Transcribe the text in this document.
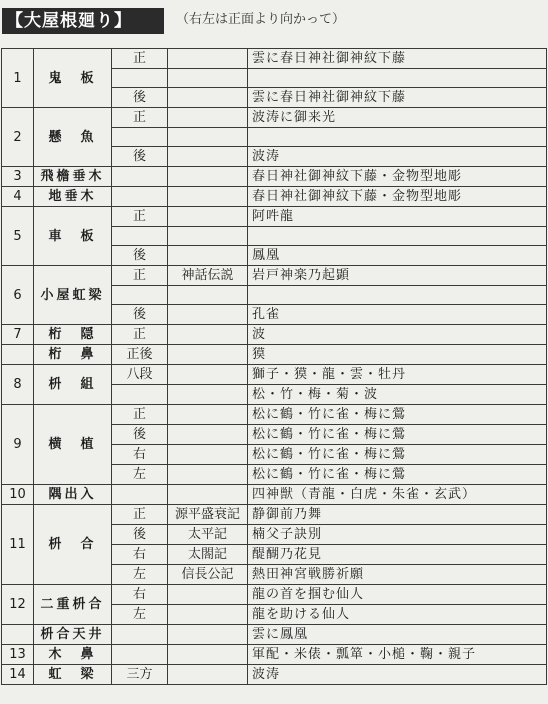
【大屋根廻り】	（右左は正面より向かって）
1	鬼　板	正		雲に春日神社御神紋下藤

		後		雲に春日神社御神紋下藤
2	懸　魚	正		波涛に御来光

		後		波涛
3	飛檐垂木			春日神社御神紋下藤・金物型地彫
4	地垂木			春日神社御神紋下藤・金物型地彫
5	車　板	正		阿吽龍

		後		鳳凰
6	小屋虹梁	正	神話伝説	岩戸神楽乃起顕

		後		孔雀
7	桁　隠	正		波
	桁　鼻	正後		獏
8	枡　組	八段		獅子・獏・龍・雲・牡丹
				松・竹・梅・菊・波
9	横　植	正		松に鶴・竹に雀・梅に鶯
		後		松に鶴・竹に雀・梅に鶯
		右		松に鶴・竹に雀・梅に鶯
		左		松に鶴・竹に雀・梅に鶯
10	隅出入			四神獣（青龍・白虎・朱雀・玄武）
11	枡　合	正	源平盛衰記	静御前乃舞
		後	太平記	楠父子訣別
		右	太閤記	醍醐乃花見
		左	信長公記	熱田神宮戦勝祈願
12	二重枡合	右		龍の首を掴む仙人
		左		龍を助ける仙人
	枡合天井			雲に鳳凰
13	木　鼻			軍配・米俵・瓢箪・小槌・鞠・親子
14	虹　梁	三方		波涛
